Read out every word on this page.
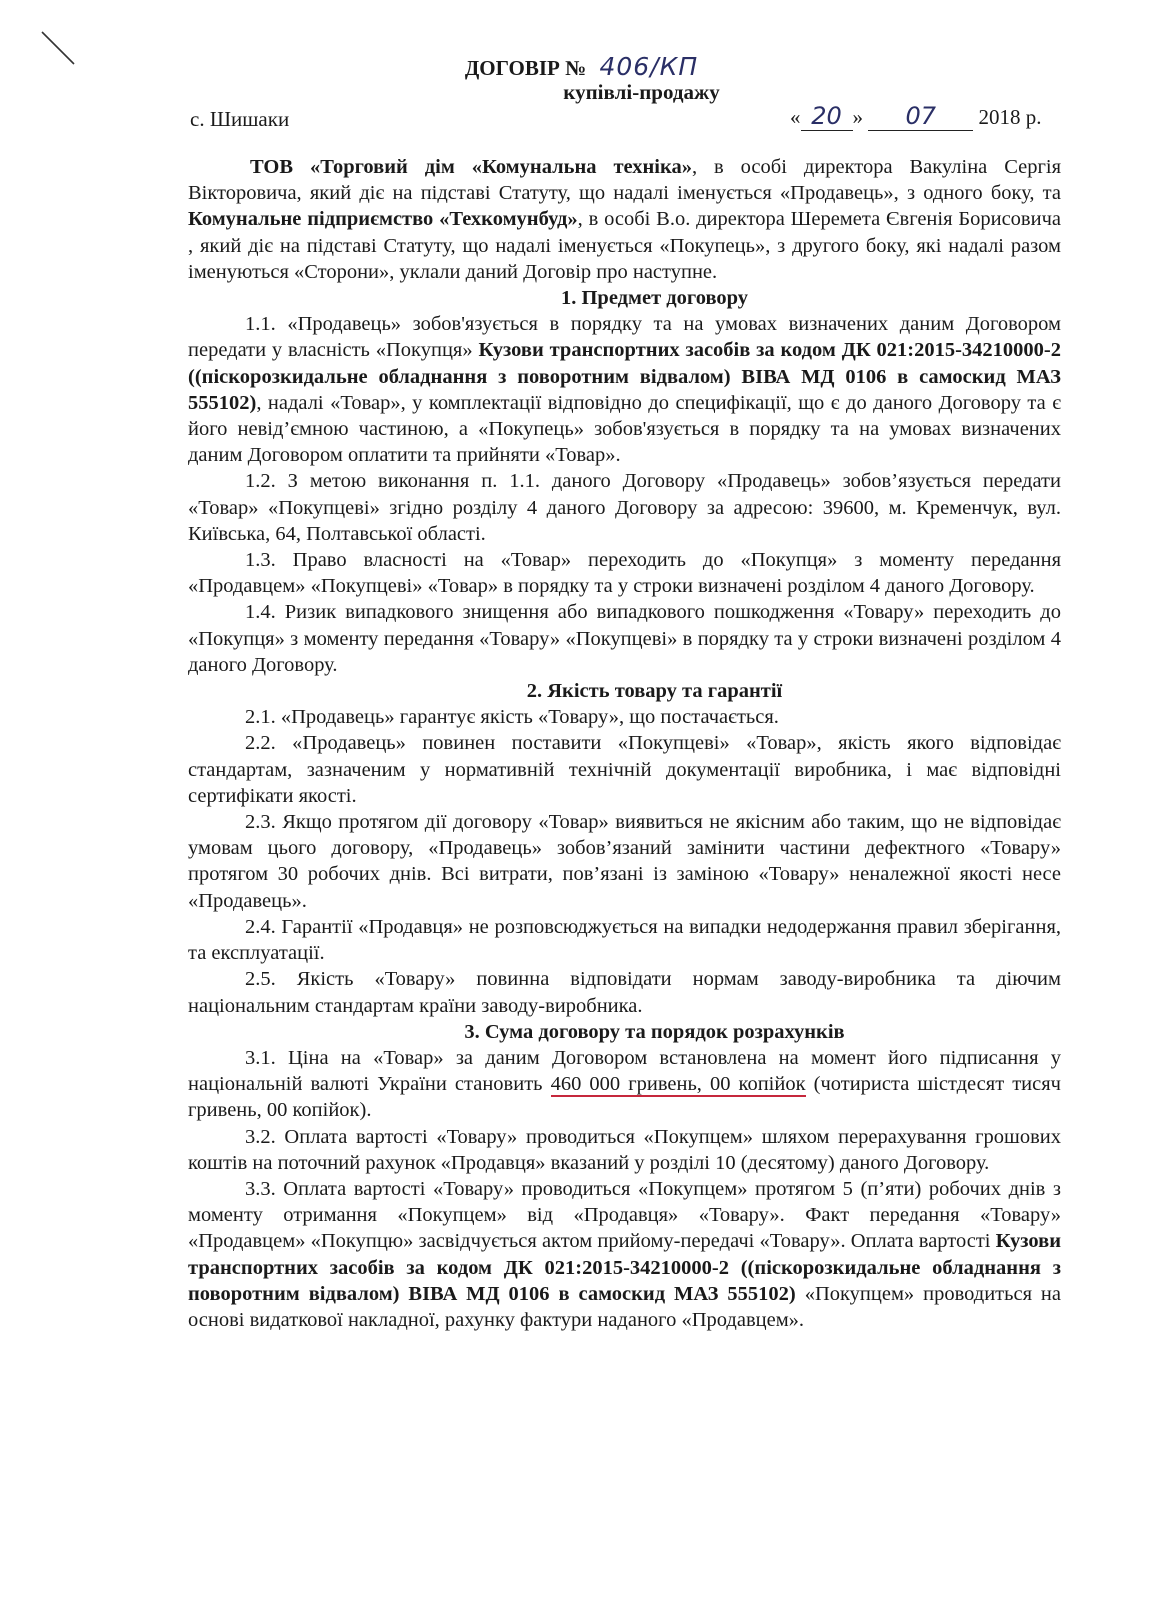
ДОГОВІР № 406/КП
купівлі-продажу
с. Шишаки	« 20 » 07 2018 р.

ТОВ «Торговий дім «Комунальна техніка», в особі директора Вакуліна Сергія Вікторовича, який діє на підставі Статуту, що надалі іменується «Продавець», з одного боку, та Комунальне підприємство «Техкомунбуд», в особі В.о. директора Шеремета Євгенія Борисовича , який діє на підставі Статуту, що надалі іменується «Покупець», з другого боку, які надалі разом іменуються «Сторони», уклали даний Договір про наступне.

1. Предмет договору

1.1. «Продавець» зобов'язується в порядку та на умовах визначених даним Договором передати у власність «Покупця» Кузови транспортних засобів за кодом ДК 021:2015-34210000-2 ((піскорозкидальне обладнання з поворотним відвалом) ВІВА МД 0106 в самоскид МАЗ 555102), надалі «Товар», у комплектації відповідно до специфікації, що є до даного Договору та є його невід’ємною частиною, а «Покупець» зобов'язується в порядку та на умовах визначених даним Договором оплатити та прийняти «Товар».

1.2. З метою виконання п. 1.1. даного Договору «Продавець» зобов’язується передати «Товар» «Покупцеві» згідно розділу 4 даного Договору за адресою: 39600, м. Кременчук, вул. Київська, 64, Полтавської області.

1.3. Право власності на «Товар» переходить до «Покупця» з моменту передання «Продавцем» «Покупцеві» «Товар» в порядку та у строки визначені розділом 4 даного Договору.

1.4. Ризик випадкового знищення або випадкового пошкодження «Товару» переходить до «Покупця» з моменту передання «Товару» «Покупцеві» в порядку та у строки визначені розділом 4 даного Договору.

2. Якість товару та гарантії

2.1. «Продавець» гарантує якість «Товару», що постачається.

2.2. «Продавець» повинен поставити «Покупцеві» «Товар», якість якого відповідає стандартам, зазначеним у нормативній технічній документації виробника, і має відповідні сертифікати якості.

2.3. Якщо протягом дії договору «Товар» виявиться не якісним або таким, що не відповідає умовам цього договору, «Продавець» зобов’язаний замінити частини дефектного «Товару» протягом 30 робочих днів. Всі витрати, пов’язані із заміною «Товару» неналежної якості несе «Продавець».

2.4. Гарантії «Продавця» не розповсюджується на випадки недодержання правил зберігання, та експлуатації.

2.5. Якість «Товару» повинна відповідати нормам заводу-виробника та діючим національним стандартам країни заводу-виробника.

3. Сума договору та порядок розрахунків

3.1. Ціна на «Товар» за даним Договором встановлена на момент його підписання у національній валюті України становить 460 000 гривень, 00 копійок (чотириста шістдесят тисяч гривень, 00 копійок).

3.2. Оплата вартості «Товару» проводиться «Покупцем» шляхом перерахування грошових коштів на поточний рахунок «Продавця» вказаний у розділі 10 (десятому) даного Договору.

3.3. Оплата вартості «Товару» проводиться «Покупцем» протягом 5 (п’яти) робочих днів з моменту отримання «Покупцем» від «Продавця» «Товару». Факт передання «Товару» «Продавцем» «Покупцю» засвідчується актом прийому-передачі «Товару». Оплата вартості Кузови транспортних засобів за кодом ДК 021:2015-34210000-2 ((піскорозкидальне обладнання з поворотним відвалом) ВІВА МД 0106 в самоскид МАЗ 555102) «Покупцем» проводиться на основі видаткової накладної, рахунку фактури наданого «Продавцем».
